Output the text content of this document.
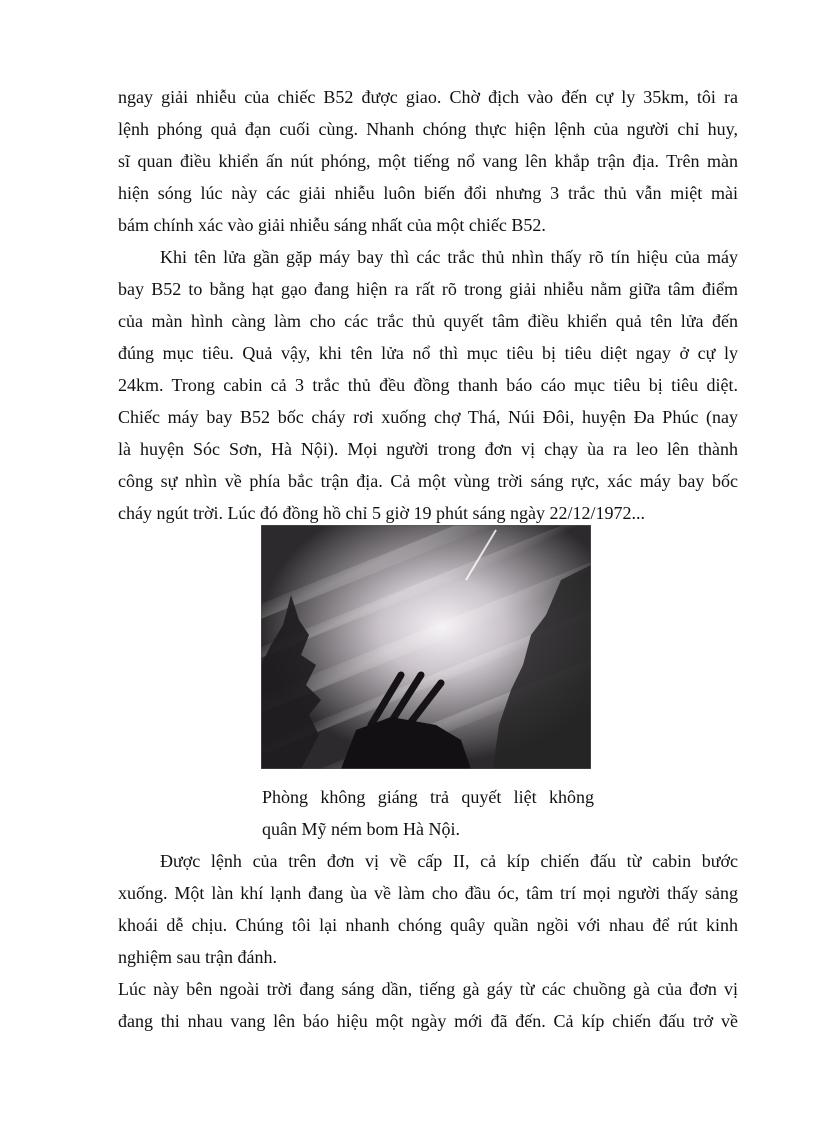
ngay giải nhiễu của chiếc B52 được giao. Chờ địch vào đến cự ly 35km, tôi ra
lệnh phóng quả đạn cuối cùng. Nhanh chóng thực hiện lệnh của người chỉ huy,
sĩ quan điều khiển ấn nút phóng, một tiếng nổ vang lên khắp trận địa. Trên màn
hiện sóng lúc này các giải nhiễu luôn biến đổi nhưng 3 trắc thủ vẫn miệt mài
bám chính xác vào giải nhiễu sáng nhất của một chiếc B52.
Khi tên lửa gần gặp máy bay thì các trắc thủ nhìn thấy rõ tín hiệu của máy
bay B52 to bằng hạt gạo đang hiện ra rất rõ trong giải nhiễu nằm giữa tâm điểm
của màn hình càng làm cho các trắc thủ quyết tâm điều khiển quả tên lửa đến
đúng mục tiêu. Quả vậy, khi tên lửa nổ thì mục tiêu bị tiêu diệt ngay ở cự ly
24km. Trong cabin cả 3 trắc thủ đều đồng thanh báo cáo mục tiêu bị tiêu diệt.
Chiếc máy bay B52 bốc cháy rơi xuống chợ Thá, Núi Đôi, huyện Đa Phúc (nay
là huyện Sóc Sơn, Hà Nội). Mọi người trong đơn vị chạy ùa ra leo lên thành
công sự nhìn về phía bắc trận địa. Cả một vùng trời sáng rực, xác máy bay bốc
cháy ngút trời. Lúc đó đồng hồ chỉ 5 giờ 19 phút sáng ngày 22/12/1972...
Phòng không giáng trả quyết liệt không
quân Mỹ ném bom Hà Nội.
Được lệnh của trên đơn vị về cấp II, cả kíp chiến đấu từ cabin bước
xuống. Một làn khí lạnh đang ùa về làm cho đầu óc, tâm trí mọi người thấy sảng
khoái dễ chịu. Chúng tôi lại nhanh chóng quây quần ngồi với nhau để rút kinh
nghiệm sau trận đánh.
Lúc này bên ngoài trời đang sáng dần, tiếng gà gáy từ các chuồng gà của đơn vị
đang thi nhau vang lên báo hiệu một ngày mới đã đến. Cả kíp chiến đấu trở về
